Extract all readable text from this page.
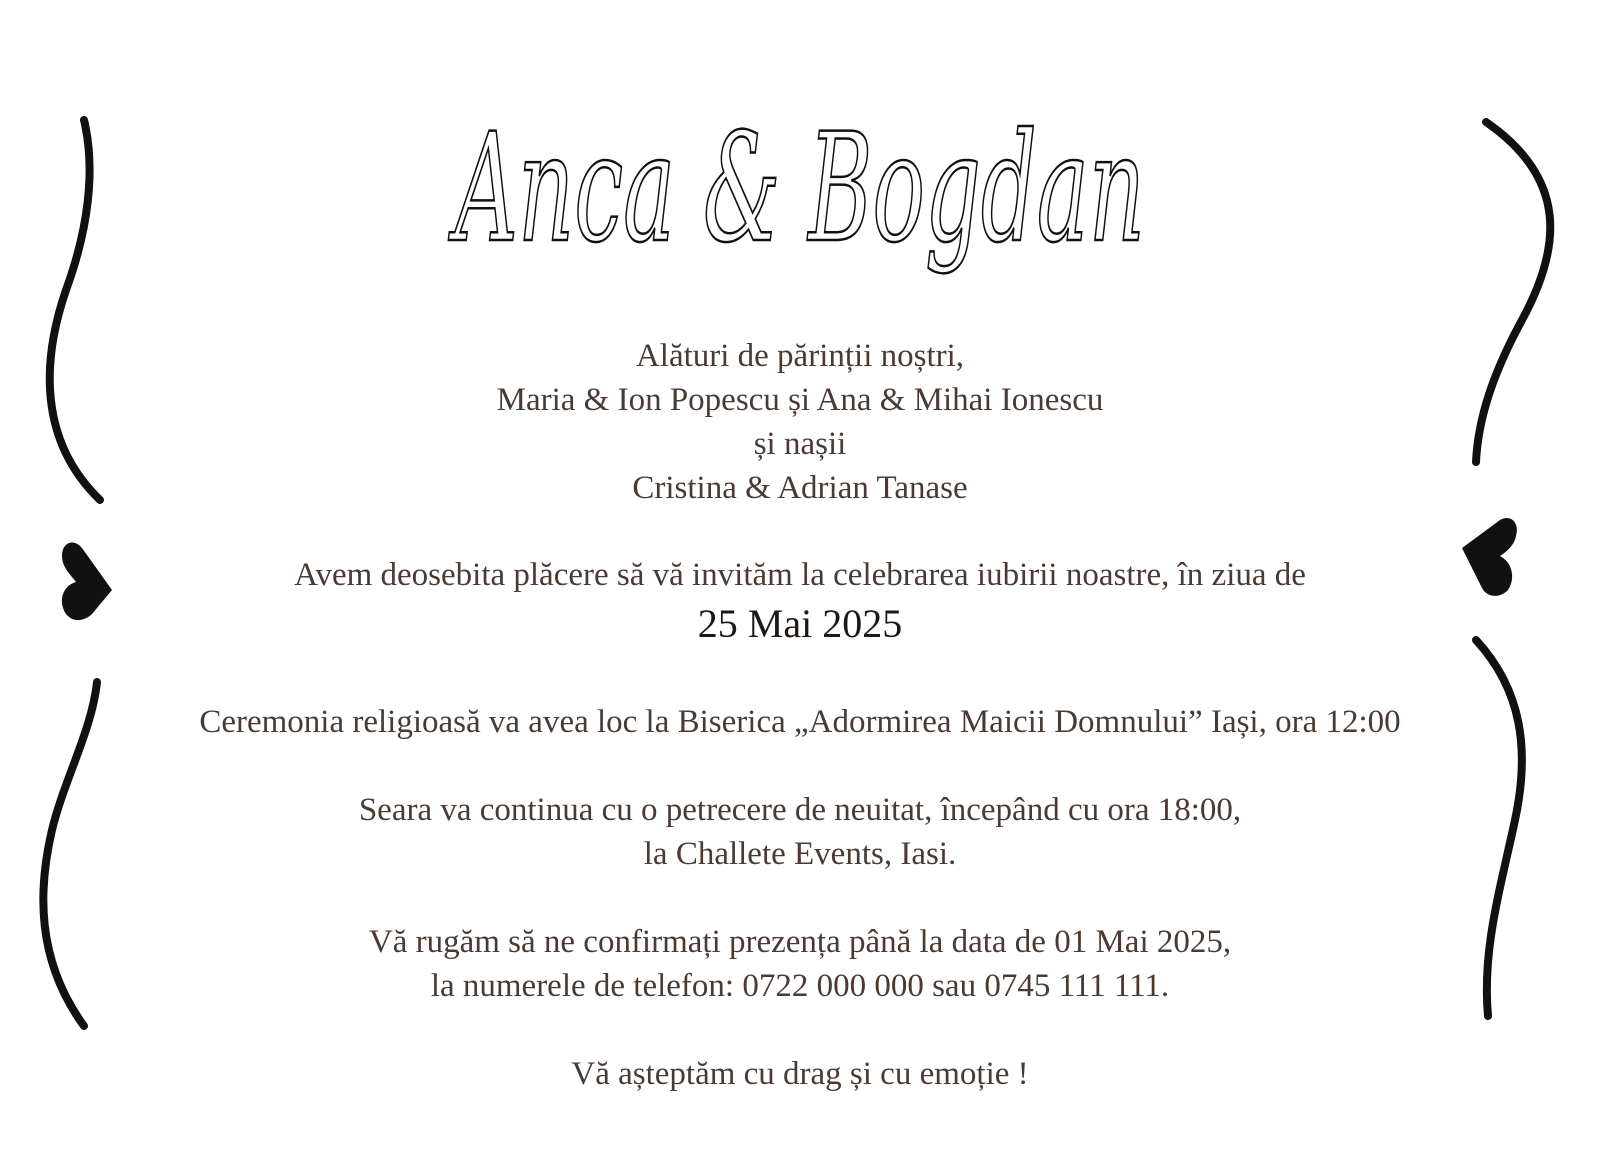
Anca & Bogdan
Alături de părinții noștri,
Maria & Ion Popescu și Ana & Mihai Ionescu
și nașii
Cristina & Adrian Tanase
Avem deosebita plăcere să vă invităm la celebrarea iubirii noastre, în ziua de
25 Mai 2025
Ceremonia religioasă va avea loc la Biserica „Adormirea Maicii Domnului” Iași, ora 12:00
Seara va continua cu o petrecere de neuitat, începând cu ora 18:00,
la Challete Events, Iasi.
Vă rugăm să ne confirmați prezența până la data de 01 Mai 2025,
la numerele de telefon: 0722 000 000 sau 0745 111 111.
Vă așteptăm cu drag și cu emoție !
